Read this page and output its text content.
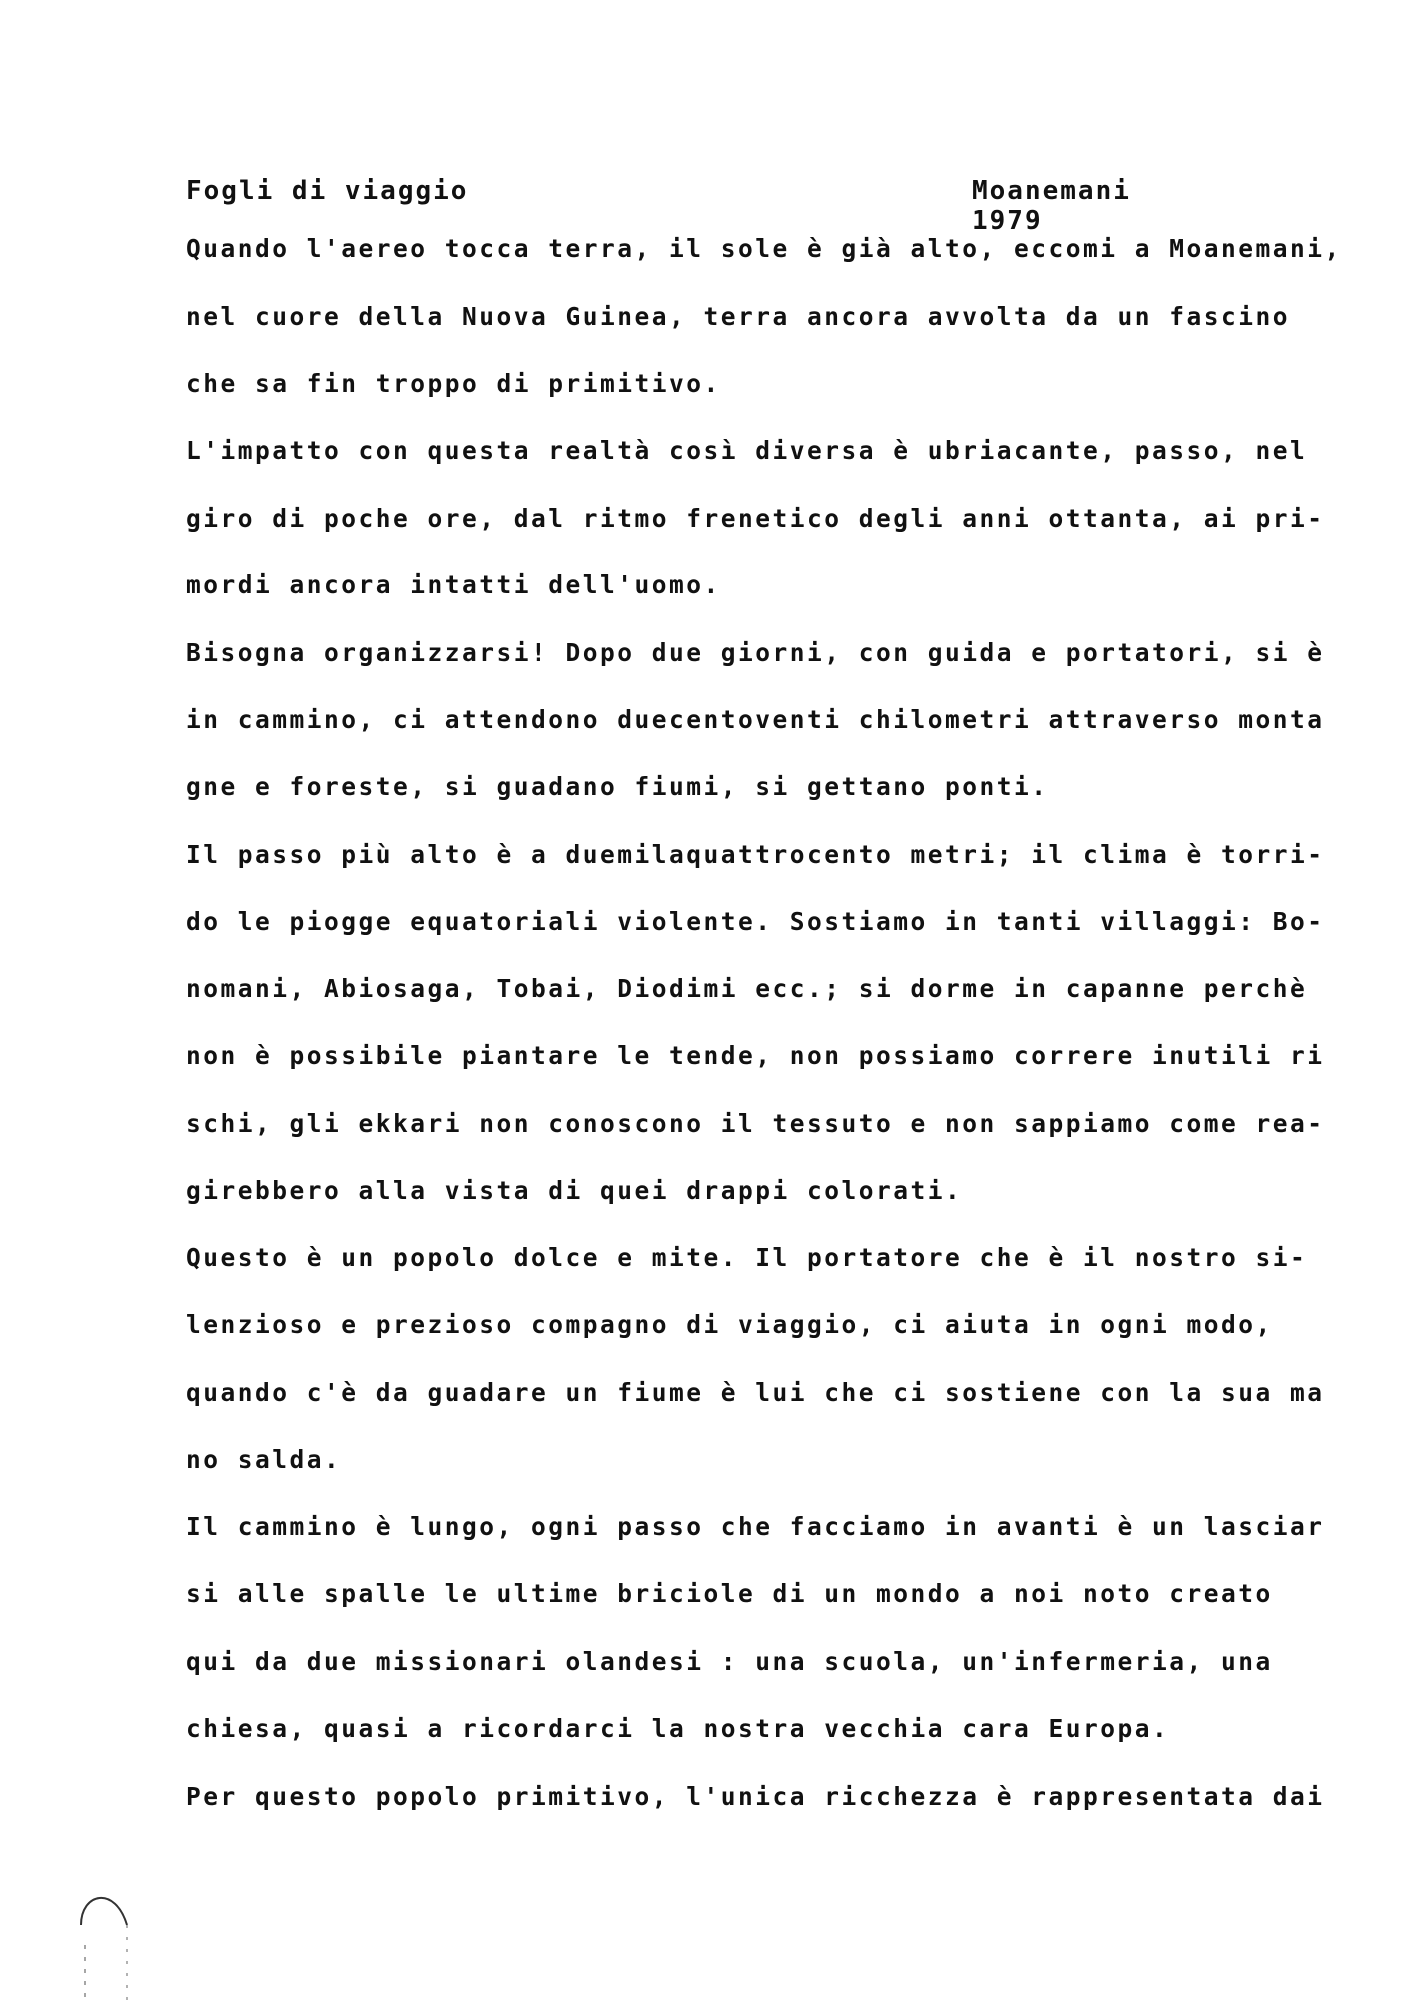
Fogli di viaggio	Moanemani 1979
Quando l'aereo tocca terra, il sole è già alto, eccomi a Moanemani,
nel cuore della Nuova Guinea, terra ancora avvolta da un fascino
che sa fin troppo di primitivo.
L'impatto con questa realtà così diversa è ubriacante, passo, nel
giro di poche ore, dal ritmo frenetico degli anni ottanta, ai pri-
mordi ancora intatti dell'uomo.
Bisogna organizzarsi! Dopo due giorni, con guida e portatori, si è
in cammino, ci attendono duecentoventi chilometri attraverso monta
gne e foreste, si guadano fiumi, si gettano ponti.
Il passo più alto è a duemilaquattrocento metri; il clima è torri-
do le piogge equatoriali violente. Sostiamo in tanti villaggi: Bo-
nomani, Abiosaga, Tobai, Diodimi ecc.; si dorme in capanne perchè
non è possibile piantare le tende, non possiamo correre inutili ri
schi, gli ekkari non conoscono il tessuto e non sappiamo come rea-
girebbero alla vista di quei drappi colorati.
Questo è un popolo dolce e mite. Il portatore che è il nostro si-
lenzioso e prezioso compagno di viaggio, ci aiuta in ogni modo,
quando c'è da guadare un fiume è lui che ci sostiene con la sua ma
no salda.
Il cammino è lungo, ogni passo che facciamo in avanti è un lasciar
si alle spalle le ultime briciole di un mondo a noi noto creato
qui da due missionari olandesi : una scuola, un'infermeria, una
chiesa, quasi a ricordarci la nostra vecchia cara Europa.
Per questo popolo primitivo, l'unica ricchezza è rappresentata dai
